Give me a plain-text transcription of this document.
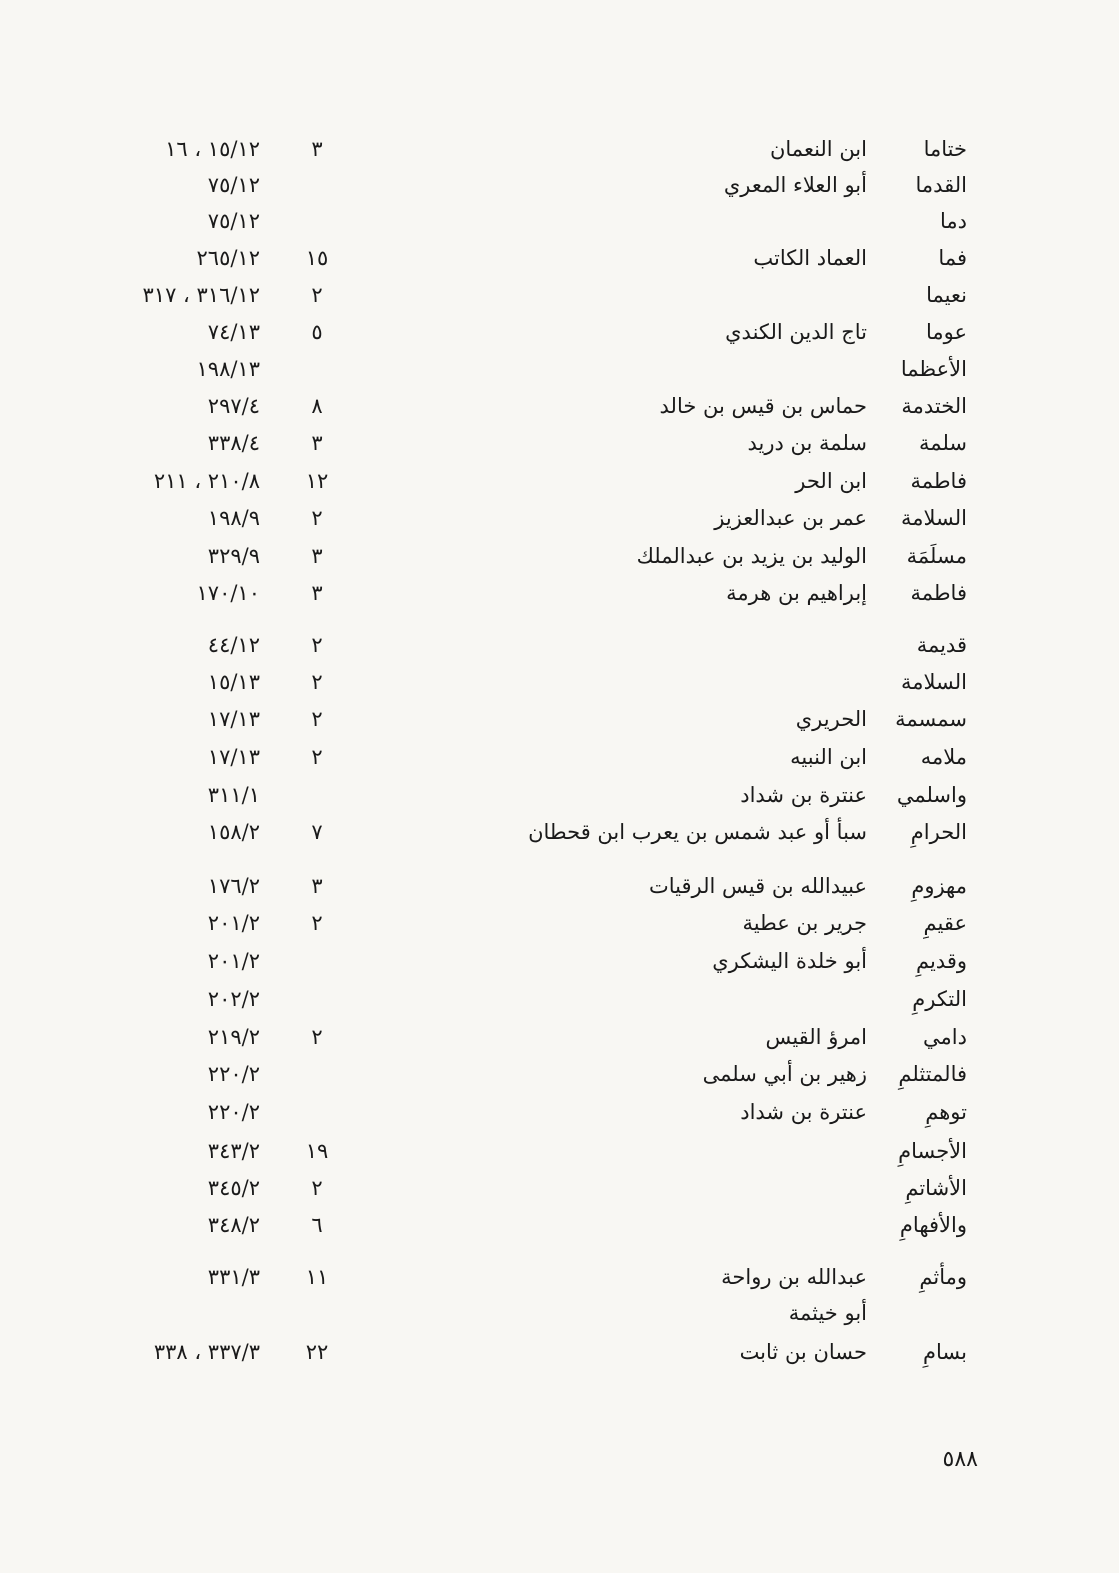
ختاما
ابن النعمان
٣
١٥/١٢ ، ١٦
القدما
أبو العلاء المعري
٧٥/١٢
دما
٧٥/١٢
فما
العماد الكاتب
١٥
٢٦٥/١٢
نعيما
٢
٣١٦/١٢ ، ٣١٧
عوما
تاج الدين الكندي
٥
٧٤/١٣
الأعظما
١٩٨/١٣
الختدمة
حماس بن قيس بن خالد
٨
٢٩٧/٤
سلمة
سلمة بن دريد
٣
٣٣٨/٤
فاطمة
ابن الحر
١٢
٢١٠/٨ ، ٢١١
السلامة
عمر بن عبدالعزيز
٢
١٩٨/٩
مسلَمَة
الوليد بن يزيد بن عبدالملك
٣
٣٢٩/٩
فاطمة
إبراهيم بن هرمة
٣
١٧٠/١٠
قديمة
٢
٤٤/١٢
السلامة
٢
١٥/١٣
سمسمة
الحريري
٢
١٧/١٣
ملامه
ابن النبيه
٢
١٧/١٣
واسلمي
عنترة بن شداد
٣١١/١
الحرامِ
سبأ أو عبد شمس بن يعرب ابن قحطان
٧
١٥٨/٢
مهزومِ
عبيدالله بن قيس الرقيات
٣
١٧٦/٢
عقيمِ
جرير بن عطية
٢
٢٠١/٢
وقديمِ
أبو خلدة اليشكري
٢٠١/٢
التكرمِ
٢٠٢/٢
دامي
امرؤ القيس
٢
٢١٩/٢
فالمتثلمِ
زهير بن أبي سلمى
٢٢٠/٢
توهمِ
عنترة بن شداد
٢٢٠/٢
الأجسامِ
١٩
٣٤٣/٢
الأشاتمِ
٢
٣٤٥/٢
والأفهامِ
٦
٣٤٨/٢
ومأثمِ
عبدالله بن رواحة
١١
٣٣١/٣
أبو خيثمة
بسامِ
حسان بن ثابت
٢٢
٣٣٧/٣ ، ٣٣٨
٥٨٨
